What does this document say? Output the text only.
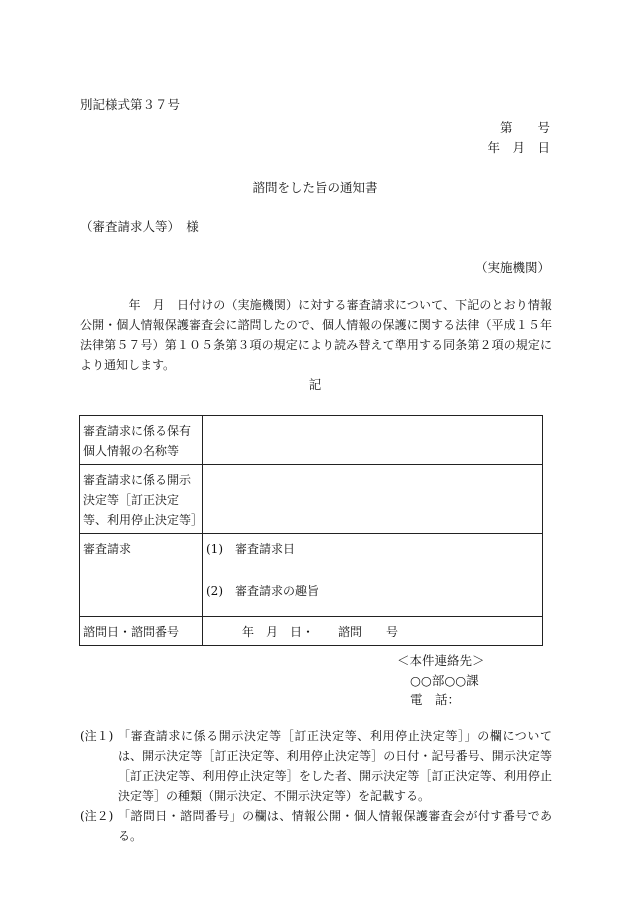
別記様式第３７号
第　　号
年　月　日
諮問をした旨の通知書
（審査請求人等）　様
（実施機関）
　　　　年　月　日付けの（実施機関）に対する審査請求について、下記のとおり情報公開・個人情報保護審査会に諮問したので、個人情報の保護に関する法律（平成１５年法律第５７号）第１０５条第３項の規定により読み替えて準用する同条第２項の規定により通知します。
記
審査請求に係る保有個人情報の名称等	
審査請求に係る開示決定等［訂正決定等、利用停止決定等］	
審査請求	(1)　審査請求日
(2)　審査請求の趣旨

諮問日・諮問番号	　　　年　月　日・　　諮問　　号
＜本件連絡先＞
○○部○○課
電　話：
(注１) 「審査請求に係る開示決定等［訂正決定等、利用停止決定等］」の欄については、開示決定等［訂正決定等、利用停止決定等］の日付・記号番号、開示決定等［訂正決定等、利用停止決定等］をした者、開示決定等［訂正決定等、利用停止決定等］の種類（開示決定、不開示決定等）を記載する。
(注２) 「諮問日・諮問番号」の欄は、情報公開・個人情報保護審査会が付す番号である。
